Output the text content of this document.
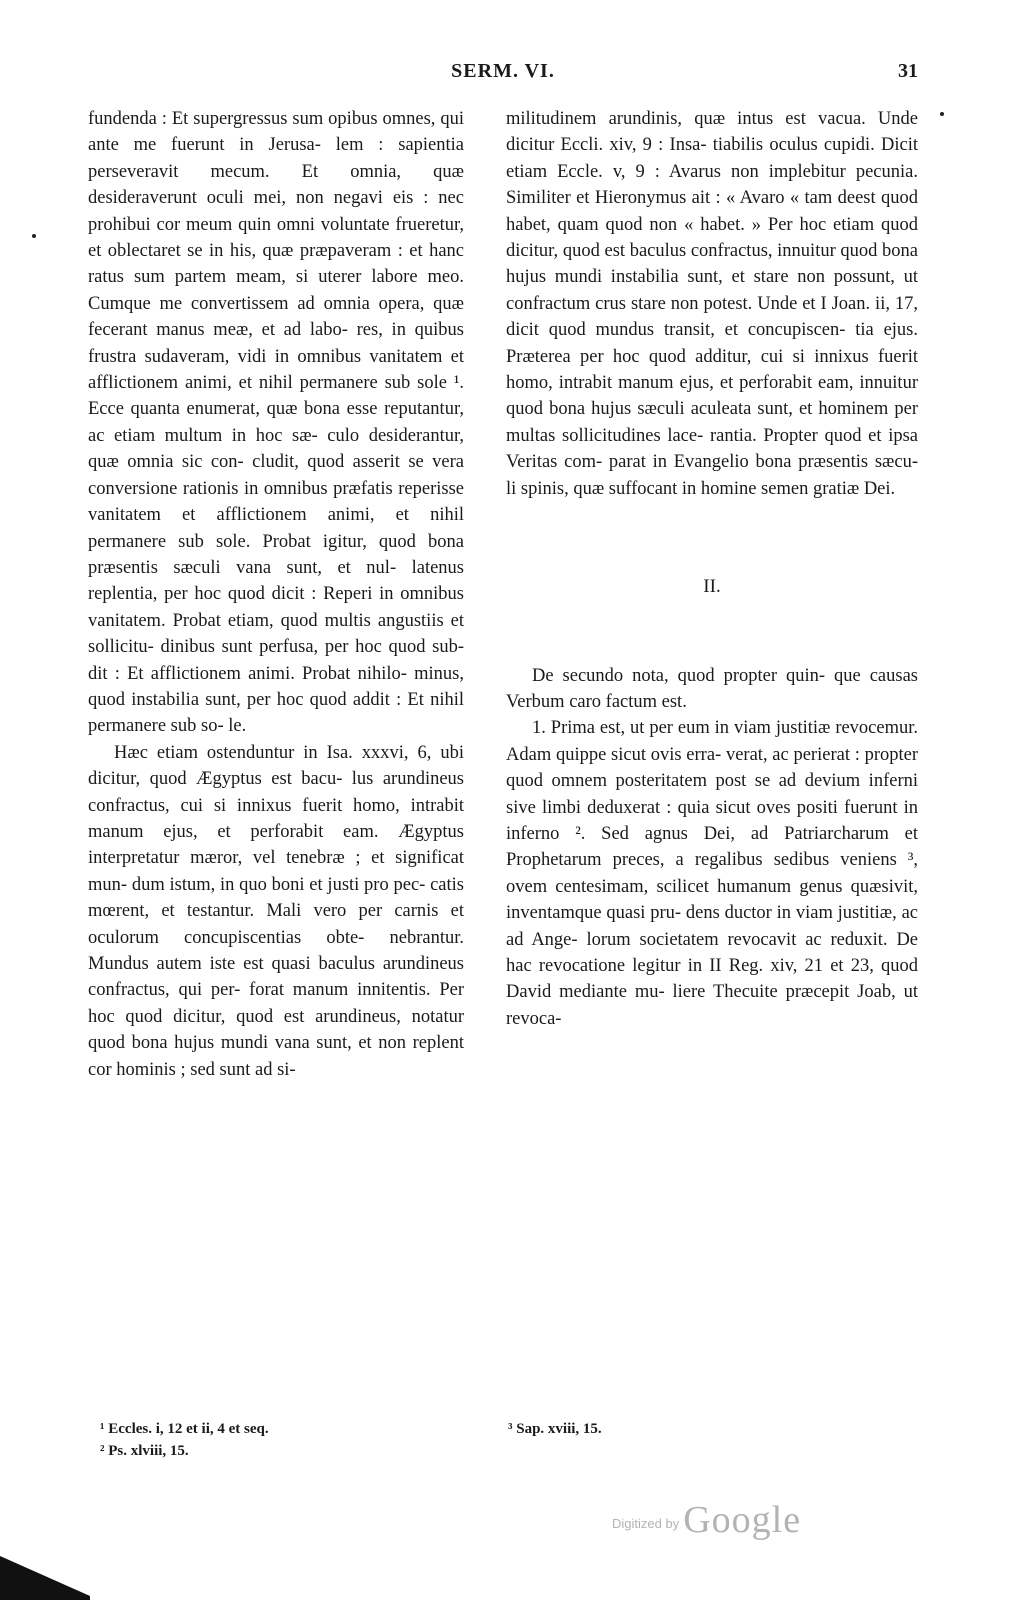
SERM. VI.	31

fundenda : Et supergressus sum opibus omnes, qui ante me fuerunt in Jerusa- lem : sapientia perseveravit mecum. Et omnia, quæ desideraverunt oculi mei, non negavi eis : nec prohibui cor meum quin omni voluntate frueretur, et oblectaret se in his, quæ præpaveram : et hanc ratus sum partem meam, si uterer labore meo. Cumque me convertissem ad omnia opera, quæ fecerant manus meæ, et ad labo- res, in quibus frustra sudaveram, vidi in omnibus vanitatem et afflictionem animi, et nihil permanere sub sole ¹. Ecce quanta enumerat, quæ bona esse reputantur, ac etiam multum in hoc sæ- culo desiderantur, quæ omnia sic con- cludit, quod asserit se vera conversione rationis in omnibus præfatis reperisse vanitatem et afflictionem animi, et nihil permanere sub sole. Probat igitur, quod bona præsentis sæculi vana sunt, et nul- latenus replentia, per hoc quod dicit : Reperi in omnibus vanitatem. Probat etiam, quod multis angustiis et sollicitu- dinibus sunt perfusa, per hoc quod sub- dit : Et afflictionem animi. Probat nihilo- minus, quod instabilia sunt, per hoc quod addit : Et nihil permanere sub so- le.

Hæc etiam ostenduntur in Isa. xxxvi, 6, ubi dicitur, quod Ægyptus est bacu- lus arundineus confractus, cui si innixus fuerit homo, intrabit manum ejus, et perforabit eam. Ægyptus interpretatur mæror, vel tenebræ ; et significat mun- dum istum, in quo boni et justi pro pec- catis mœrent, et testantur. Mali vero per carnis et oculorum concupiscentias obte- nebrantur. Mundus autem iste est quasi baculus arundineus confractus, qui per- forat manum innitentis. Per hoc quod dicitur, quod est arundineus, notatur quod bona hujus mundi vana sunt, et non replent cor hominis ; sed sunt ad si-

militudinem arundinis, quæ intus est vacua. Unde dicitur Eccli. xiv, 9 : Insa- tiabilis oculus cupidi. Dicit etiam Eccle. v, 9 : Avarus non implebitur pecunia. Similiter et Hieronymus ait : « Avaro « tam deest quod habet, quam quod non « habet. » Per hoc etiam quod dicitur, quod est baculus confractus, innuitur quod bona hujus mundi instabilia sunt, et stare non possunt, ut confractum crus stare non potest. Unde et I Joan. ii, 17, dicit quod mundus transit, et concupiscen- tia ejus. Præterea per hoc quod additur, cui si innixus fuerit homo, intrabit manum ejus, et perforabit eam, innuitur quod bona hujus sæculi aculeata sunt, et hominem per multas sollicitudines lace- rantia. Propter quod et ipsa Veritas com- parat in Evangelio bona præsentis sæcu- li spinis, quæ suffocant in homine semen gratiæ Dei.

II.

De secundo nota, quod propter quin- que causas Verbum caro factum est.

1. Prima est, ut per eum in viam justitiæ revocemur. Adam quippe sicut ovis erra- verat, ac perierat : propter quod omnem posteritatem post se ad devium inferni sive limbi deduxerat : quia sicut oves positi fuerunt in inferno ². Sed agnus Dei, ad Patriarcharum et Prophetarum preces, a regalibus sedibus veniens ³, ovem centesimam, scilicet humanum genus quæsivit, inventamque quasi pru- dens ductor in viam justitiæ, ac ad Ange- lorum societatem revocavit ac reduxit. De hac revocatione legitur in II Reg. xiv, 21 et 23, quod David mediante mu- liere Thecuite præcepit Joab, ut revoca-

¹ Eccles. i, 12 et ii, 4 et seq.
² Ps. xlviii, 15.
³ Sap. xviii, 15.
$^{Digitized by}$ Google
